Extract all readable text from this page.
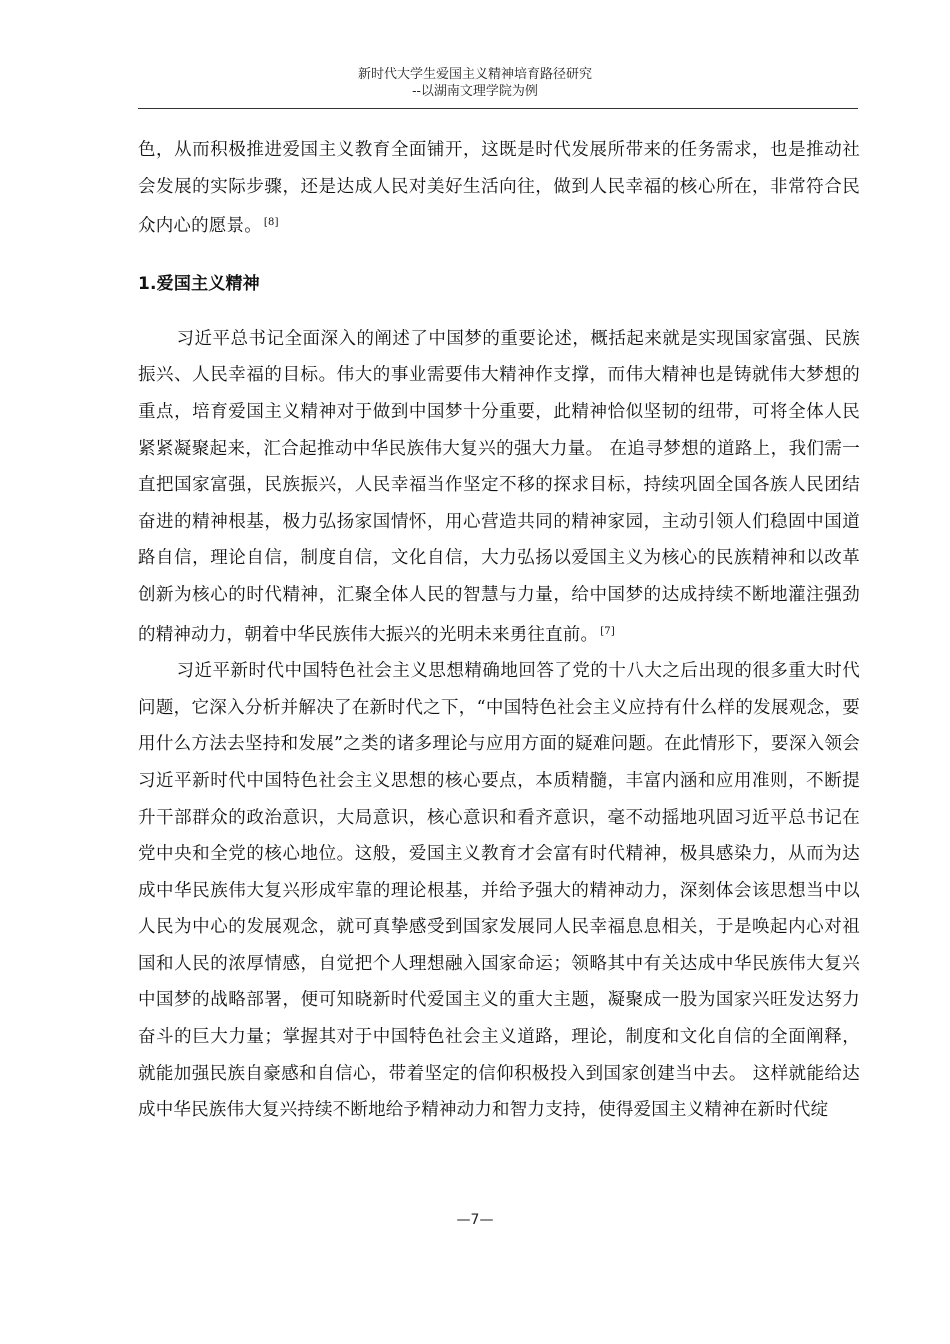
新时代大学生爱国主义精神培育路径研究
--以湖南文理学院为例

色，从而积极推进爱国主义教育全面铺开，这既是时代发展所带来的任务需求，也是推动社会发展的实际步骤，还是达成人民对美好生活向往，做到人民幸福的核心所在，非常符合民众内心的愿景。 [8]

1.爱国主义精神

习近平总书记全面深入的阐述了中国梦的重要论述，概括起来就是实现国家富强、民族振兴、人民幸福的目标。伟大的事业需要伟大精神作支撑，而伟大精神也是铸就伟大梦想的重点，培育爱国主义精神对于做到中国梦十分重要，此精神恰似坚韧的纽带，可将全体人民紧紧凝聚起来，汇合起推动中华民族伟大复兴的强大力量。 在追寻梦想的道路上，我们需一直把国家富强，民族振兴，人民幸福当作坚定不移的探求目标，持续巩固全国各族人民团结奋进的精神根基，极力弘扬家国情怀，用心营造共同的精神家园，主动引领人们稳固中国道路自信，理论自信，制度自信，文化自信，大力弘扬以爱国主义为核心的民族精神和以改革创新为核心的时代精神，汇聚全体人民的智慧与力量，给中国梦的达成持续不断地灌注强劲的精神动力，朝着中华民族伟大振兴的光明未来勇往直前。 [7]

习近平新时代中国特色社会主义思想精确地回答了党的十八大之后出现的很多重大时代问题，它深入分析并解决了在新时代之下，“中国特色社会主义应持有什么样的发展观念，要用什么方法去坚持和发展”之类的诸多理论与应用方面的疑难问题。在此情形下，要深入领会习近平新时代中国特色社会主义思想的核心要点，本质精髓，丰富内涵和应用准则，不断提升干部群众的政治意识，大局意识，核心意识和看齐意识，毫不动摇地巩固习近平总书记在党中央和全党的核心地位。这般，爱国主义教育才会富有时代精神，极具感染力，从而为达成中华民族伟大复兴形成牢靠的理论根基，并给予强大的精神动力，深刻体会该思想当中以人民为中心的发展观念，就可真挚感受到国家发展同人民幸福息息相关，于是唤起内心对祖国和人民的浓厚情感，自觉把个人理想融入国家命运；领略其中有关达成中华民族伟大复兴中国梦的战略部署，便可知晓新时代爱国主义的重大主题，凝聚成一股为国家兴旺发达努力奋斗的巨大力量；掌握其对于中国特色社会主义道路，理论，制度和文化自信的全面阐释，就能加强民族自豪感和自信心，带着坚定的信仰积极投入到国家创建当中去。 这样就能给达成中华民族伟大复兴持续不断地给予精神动力和智力支持，使得爱国主义精神在新时代绽

—7—
